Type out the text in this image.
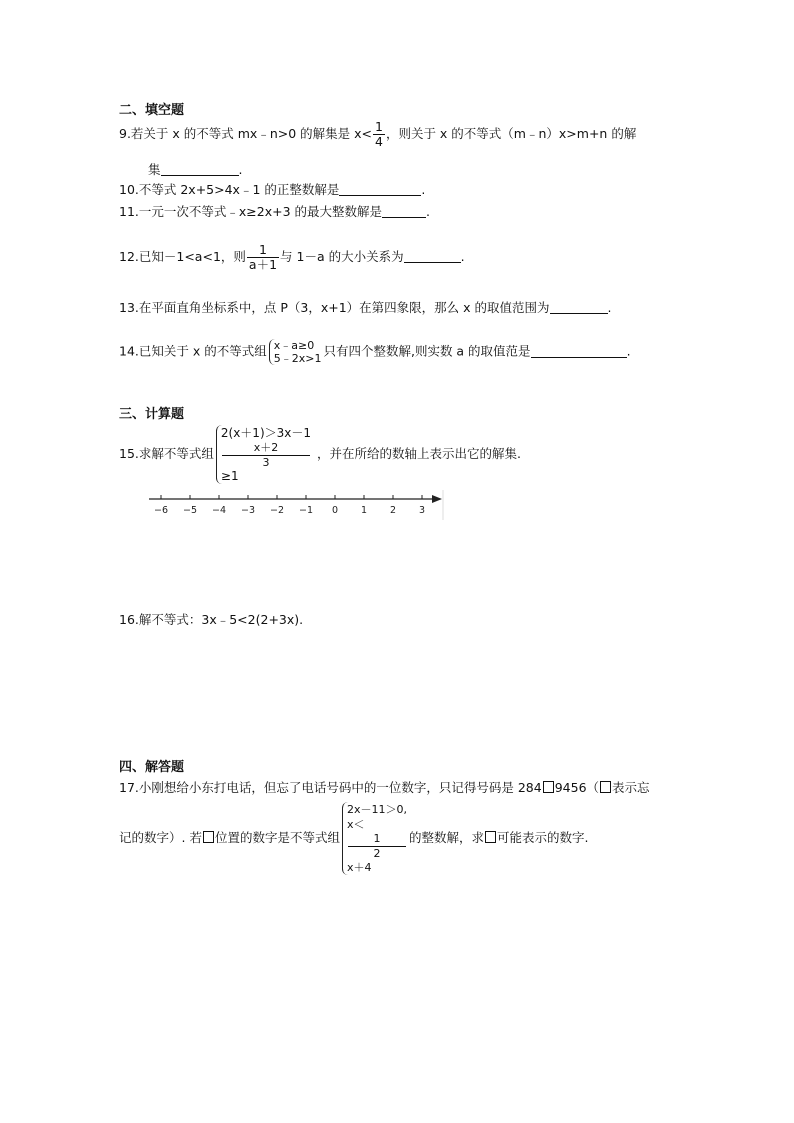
二、填空题
9.若关于 x 的不等式 mx﹣n>0 的解集是 $x< \frac{1}{4}$ ，则关于 x 的不等式（m﹣n）x>m+n 的解
集	.
10.不等式 2x+5>4x﹣1 的正整数解是	.
11.一元一次不等式﹣x≥2x+3 的最大整数解是	.
12.已知－1<a<1，则 $\frac{1}{a+1}$ 与 1－a 的大小关系为	.
13.在平面直角坐标系中，点 P（3，x+1）在第四象限，那么 x 的取值范围为	.
14.已知关于 x 的不等式组 x﹣a≥0
5﹣2x>1 只有四个整数解,则实数 a 的取值范是	.
三、计算题
15.求解不等式组
2(x＋1)＞3x－1
x＋2
3
≥1
，并在所给的数轴上表示出它的解集.
−6 −5 −4 −3 −2 −1 0 1 2 3
16.解不等式：3x﹣5<2(2+3x).
四、解答题
17.小刚想给小东打电话，但忘了电话号码中的一位数字，只记得号码是 284 9456（ 表示忘
记的数字）. 若 位置的数字是不等式组
2x－11＞0,
x＜
1
2
x＋4
的整数解，求 可能表示的数字.
